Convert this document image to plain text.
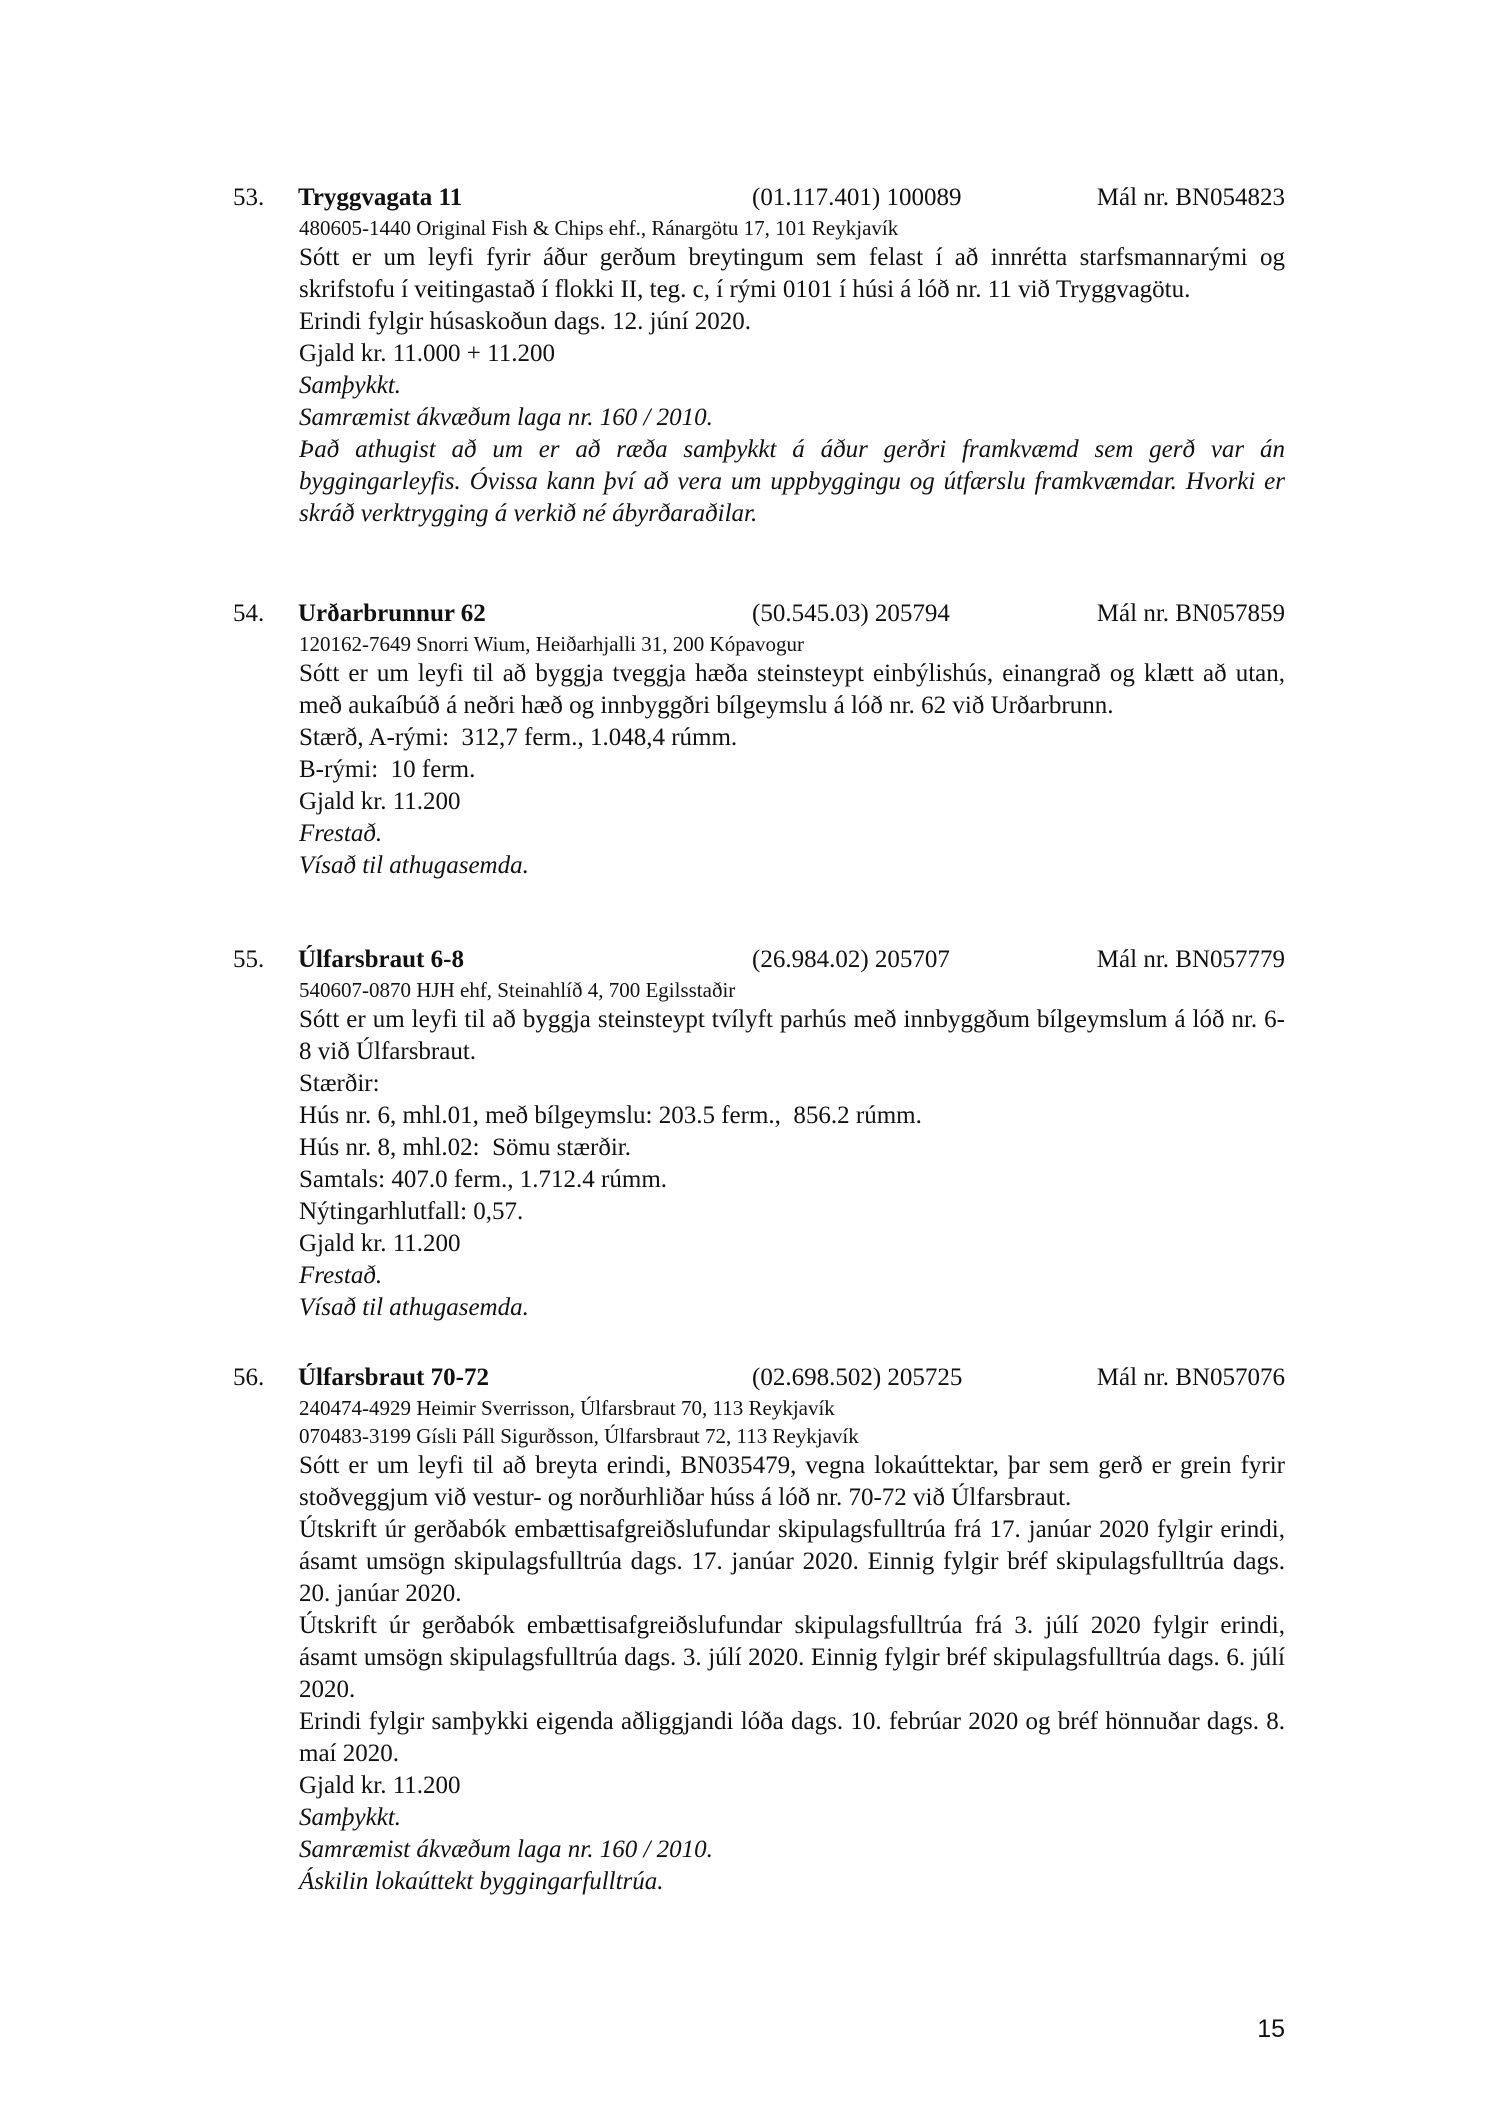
53. Tryggvagata 11	(01.117.401) 100089	Mál nr. BN054823
480605-1440 Original Fish & Chips ehf., Ránargötu 17, 101 Reykjavík
Sótt er um leyfi fyrir áður gerðum breytingum sem felast í að innrétta starfsmannarými og skrifstofu í veitingastað í flokki II, teg. c, í rými 0101 í húsi á lóð nr. 11 við Tryggvagötu.
Erindi fylgir húsaskoðun dags. 12. júní 2020.
Gjald kr. 11.000 + 11.200
Samþykkt.
Samræmist ákvæðum laga nr. 160 / 2010.
Það athugist að um er að ræða samþykkt á áður gerðri framkvæmd sem gerð var án byggingarleyfis. Óvissa kann því að vera um uppbyggingu og útfærslu framkvæmdar. Hvorki er skráð verktrygging á verkið né ábyrðaraðilar.
54. Urðarbrunnur 62	(50.545.03) 205794	Mál nr. BN057859
120162-7649 Snorri Wium, Heiðarhjalli 31, 200 Kópavogur
Sótt er um leyfi til að byggja tveggja hæða steinsteypt einbýlishús, einangrað og klætt að utan, með aukaíbúð á neðri hæð og innbyggðri bílgeymslu á lóð nr. 62 við Urðarbrunn.
Stærð, A-rými:  312,7 ferm., 1.048,4 rúmm.
B-rými:  10 ferm.
Gjald kr. 11.200
Frestað.
Vísað til athugasemda.
55. Úlfarsbraut 6-8	(26.984.02) 205707	Mál nr. BN057779
540607-0870 HJH ehf, Steinahlíð 4, 700 Egilsstaðir
Sótt er um leyfi til að byggja steinsteypt tvílyft parhús með innbyggðum bílgeymslum á lóð nr. 6-8 við Úlfarsbraut.
Stærðir:
Hús nr. 6, mhl.01, með bílgeymslu: 203.5 ferm.,  856.2 rúmm.
Hús nr. 8, mhl.02:  Sömu stærðir.
Samtals: 407.0 ferm., 1.712.4 rúmm.
Nýtingarhlutfall: 0,57.
Gjald kr. 11.200
Frestað.
Vísað til athugasemda.
56. Úlfarsbraut 70-72	(02.698.502) 205725	Mál nr. BN057076
240474-4929 Heimir Sverrisson, Úlfarsbraut 70, 113 Reykjavík
070483-3199 Gísli Páll Sigurðsson, Úlfarsbraut 72, 113 Reykjavík
Sótt er um leyfi til að breyta erindi, BN035479, vegna lokaúttektar, þar sem gerð er grein fyrir stoðveggjum við vestur- og norðurhliðar húss á lóð nr. 70-72 við Úlfarsbraut.
Útskrift úr gerðabók embættisafgreiðslufundar skipulagsfulltrúa frá 17. janúar 2020 fylgir erindi, ásamt umsögn skipulagsfulltrúa dags. 17. janúar 2020. Einnig fylgir bréf skipulagsfulltrúa dags. 20. janúar 2020.
Útskrift úr gerðabók embættisafgreiðslufundar skipulagsfulltrúa frá 3. júlí 2020 fylgir erindi, ásamt umsögn skipulagsfulltrúa dags. 3. júlí 2020. Einnig fylgir bréf skipulagsfulltrúa dags. 6. júlí 2020.
Erindi fylgir samþykki eigenda aðliggjandi lóða dags. 10. febrúar 2020 og bréf hönnuðar dags. 8. maí 2020.
Gjald kr. 11.200
Samþykkt.
Samræmist ákvæðum laga nr. 160 / 2010.
Áskilin lokaúttekt byggingarfulltrúa.
15
